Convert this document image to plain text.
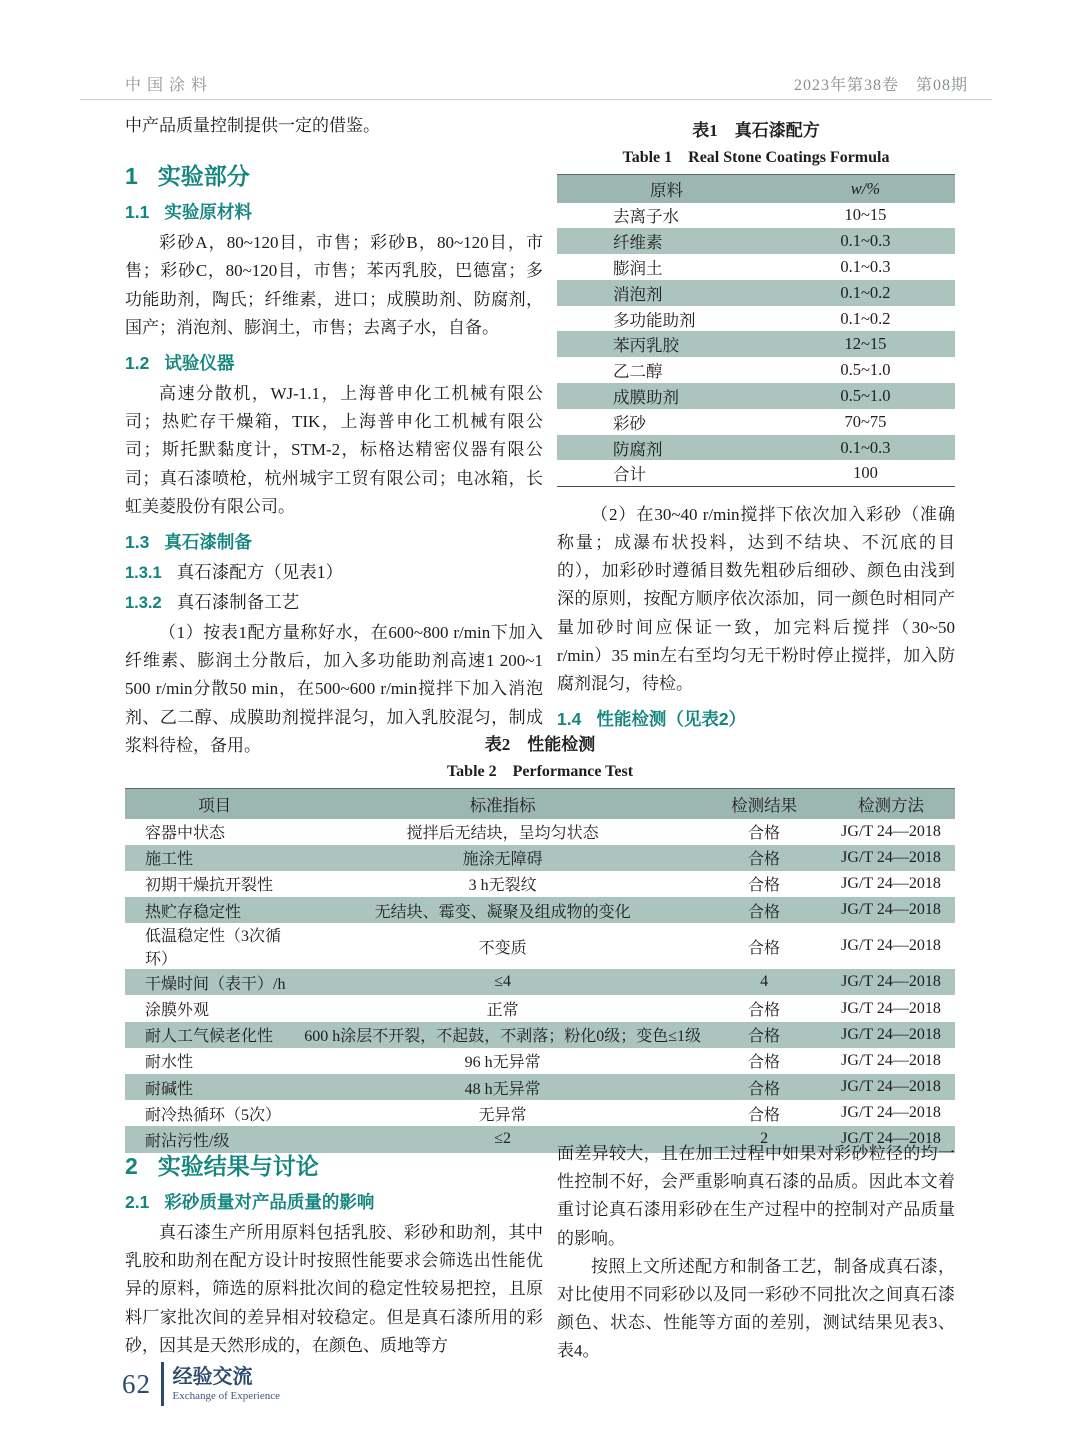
中国涂料	2023年第38卷　第08期

中产品质量控制提供一定的借鉴。

1 实验部分
1.1 实验原材料

彩砂A，80~120目，市售；彩砂B，80~120目，市售；彩砂C，80~120目，市售；苯丙乳胶，巴德富；多功能助剂，陶氏；纤维素，进口；成膜助剂、防腐剂，国产；消泡剂、膨润土，市售；去离子水，自备。

1.2 试验仪器

高速分散机，WJ-1.1，上海普申化工机械有限公司；热贮存干燥箱，TIK，上海普申化工机械有限公司；斯托默黏度计，STM-2，标格达精密仪器有限公司；真石漆喷枪，杭州城宇工贸有限公司；电冰箱，长虹美菱股份有限公司。

1.3 真石漆制备
1.3.1 真石漆配方（见表1）
1.3.2 真石漆制备工艺

（1）按表1配方量称好水，在600~800 r/min下加入纤维素、膨润土分散后，加入多功能助剂高速1 200~1 500 r/min分散50 min，在500~600 r/min搅拌下加入消泡剂、乙二醇、成膜助剂搅拌混匀，加入乳胶混匀，制成浆料待检，备用。

表1　真石漆配方
Table 1　Real Stone Coatings Formula
原料	w/%
去离子水	10~15
纤维素	0.1~0.3
膨润土	0.1~0.3
消泡剂	0.1~0.2
多功能助剂	0.1~0.2
苯丙乳胶	12~15
乙二醇	0.5~1.0
成膜助剂	0.5~1.0
彩砂	70~75
防腐剂	0.1~0.3
合计	100

（2）在30~40 r/min搅拌下依次加入彩砂（准确称量；成瀑布状投料，达到不结块、不沉底的目的），加彩砂时遵循目数先粗砂后细砂、颜色由浅到深的原则，按配方顺序依次添加，同一颜色时相同产量加砂时间应保证一致，加完料后搅拌（30~50 r/min）35 min左右至均匀无干粉时停止搅拌，加入防腐剂混匀，待检。

1.4 性能检测（见表2）
表2　性能检测
Table 2　Performance Test
项目	标准指标	检测结果	检测方法
容器中状态	搅拌后无结块，呈均匀状态	合格	JG/T 24—2018
施工性	施涂无障碍	合格	JG/T 24—2018
初期干燥抗开裂性	3 h无裂纹	合格	JG/T 24—2018
热贮存稳定性	无结块、霉变、凝聚及组成物的变化	合格	JG/T 24—2018
低温稳定性（3次循环）	不变质	合格	JG/T 24—2018
干燥时间（表干）/h	≤4	4	JG/T 24—2018
涂膜外观	正常	合格	JG/T 24—2018
耐人工气候老化性	600 h涂层不开裂，不起鼓，不剥落；粉化0级；变色≤1级	合格	JG/T 24—2018
耐水性	96 h无异常	合格	JG/T 24—2018
耐碱性	48 h无异常	合格	JG/T 24—2018
耐冷热循环（5次）	无异常	合格	JG/T 24—2018
耐沾污性/级	≤2	2	JG/T 24—2018
2 实验结果与讨论
2.1 彩砂质量对产品质量的影响

真石漆生产所用原料包括乳胶、彩砂和助剂，其中乳胶和助剂在配方设计时按照性能要求会筛选出性能优异的原料，筛选的原料批次间的稳定性较易把控，且原料厂家批次间的差异相对较稳定。但是真石漆所用的彩砂，因其是天然形成的，在颜色、质地等方

面差异较大，且在加工过程中如果对彩砂粒径的均一性控制不好，会严重影响真石漆的品质。因此本文着重讨论真石漆用彩砂在生产过程中的控制对产品质量的影响。

按照上文所述配方和制备工艺，制备成真石漆，对比使用不同彩砂以及同一彩砂不同批次之间真石漆颜色、状态、性能等方面的差别，测试结果见表3、表4。

62 经验交流
Exchange of Experience
